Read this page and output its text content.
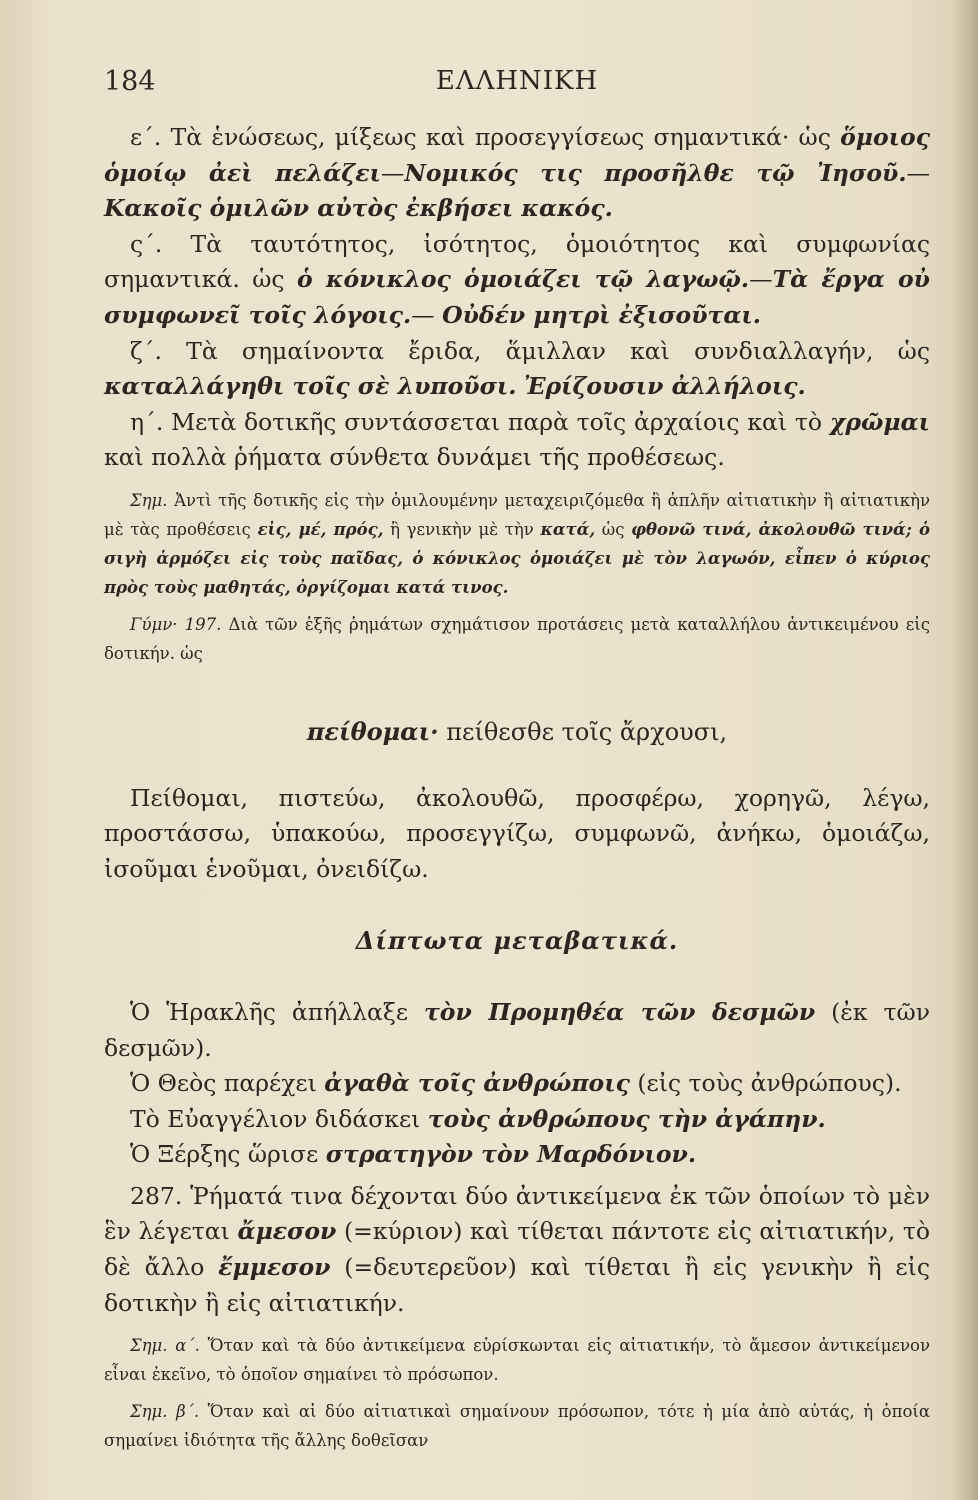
184	ΕΛΛΗΝΙΚΗ

ε΄. Τὰ ἑνώσεως, μίξεως καὶ προσεγγίσεως σημαντικά· ὡς ὅμοιος ὁμοίῳ ἀεὶ πελάζει—Νομικός τις προσῆλθε τῷ Ἰησοῦ.—Κακοῖς ὁμιλῶν αὐτὸς ἐκβήσει κακός.

ς΄. Τὰ ταυτότητος, ἰσότητος, ὁμοιότητος καὶ συμφωνίας σημαντικά. ὡς ὁ κόνικλος ὁμοιάζει τῷ λαγωῷ.—Τὰ ἔργα οὐ συμφωνεῖ τοῖς λόγοις.— Οὐδέν μητρὶ ἐξισοῦται.

ζ΄. Τὰ σημαίνοντα ἔριδα, ἅμιλλαν καὶ συνδιαλλαγήν, ὡς καταλλάγηθι τοῖς σὲ λυποῦσι. Ἐρίζουσιν ἀλλήλοις.

η΄. Μετὰ δοτικῆς συντάσσεται παρὰ τοῖς ἀρχαίοις καὶ τὸ χρῶμαι καὶ πολλὰ ῥήματα σύνθετα δυνάμει τῆς προθέσεως.

Σημ. Ἀντὶ τῆς δοτικῆς εἰς τὴν ὁμιλουμένην μεταχειριζόμεθα ἢ ἁπλῆν αἰτιατικὴν ἢ αἰτιατικὴν μὲ τὰς προθέσεις εἰς, μέ, πρός, ἢ γενικὴν μὲ τὴν κατά, ὡς φθονῶ τινά, ἀκολουθῶ τινά; ὁ σιγὴ ἁρμόζει εἰς τοὺς παῖδας, ὁ κόνικλος ὁμοιάζει μὲ τὸν λαγωόν, εἶπεν ὁ κύριος πρὸς τοὺς μαθητάς, ὀργίζομαι κατά τινος.

Γύμν· 197. Διὰ τῶν ἑξῆς ῥημάτων σχημάτισον προτάσεις μετὰ καταλλήλου ἀντικειμένου εἰς δοτικήν. ὡς

πείθομαι· πείθεσθε τοῖς ἄρχουσι,

Πείθομαι, πιστεύω, ἀκολουθῶ, προσφέρω, χορηγῶ, λέγω, προστάσσω, ὑπακούω, προσεγγίζω, συμφωνῶ, ἀνήκω, ὁμοιάζω, ἰσοῦμαι ἑνοῦμαι, ὀνειδίζω.

Δίπτωτα μεταβατικά.

Ὁ Ἡρακλῆς ἀπήλλαξε τὸν Προμηθέα τῶν δεσμῶν (ἐκ τῶν δεσμῶν).

Ὁ Θεὸς παρέχει ἀγαθὰ τοῖς ἀνθρώποις (εἰς τοὺς ἀνθρώπους).

Τὸ Εὐαγγέλιον διδάσκει τοὺς ἀνθρώπους τὴν ἀγάπην.

Ὁ Ξέρξης ὥρισε στρατηγὸν τὸν Μαρδόνιον.

287. Ῥήματά τινα δέχονται δύο ἀντικείμενα ἐκ τῶν ὁποίων τὸ μὲν ἓν λέγεται ἄμεσον (=κύριον) καὶ τίθεται πάντοτε εἰς αἰτιατικήν, τὸ δὲ ἄλλο ἔμμεσον (=δευτερεῦον) καὶ τίθεται ἢ εἰς γενικὴν ἢ εἰς δοτικὴν ἢ εἰς αἰτιατικήν.

Σημ. α΄. Ὅταν καὶ τὰ δύο ἀντικείμενα εὑρίσκωνται εἰς αἰτιατικήν, τὸ ἄμεσον ἀντικείμενον εἶναι ἐκεῖνο, τὸ ὁποῖον σημαίνει τὸ πρόσωπον.

Σημ. β΄. Ὅταν καὶ αἱ δύο αἰτιατικαὶ σημαίνουν πρόσωπον, τότε ἡ μία ἀπὸ αὐτάς, ἡ ὁποία σημαίνει ἰδιότητα τῆς ἄλλης δοθεῖσαν
